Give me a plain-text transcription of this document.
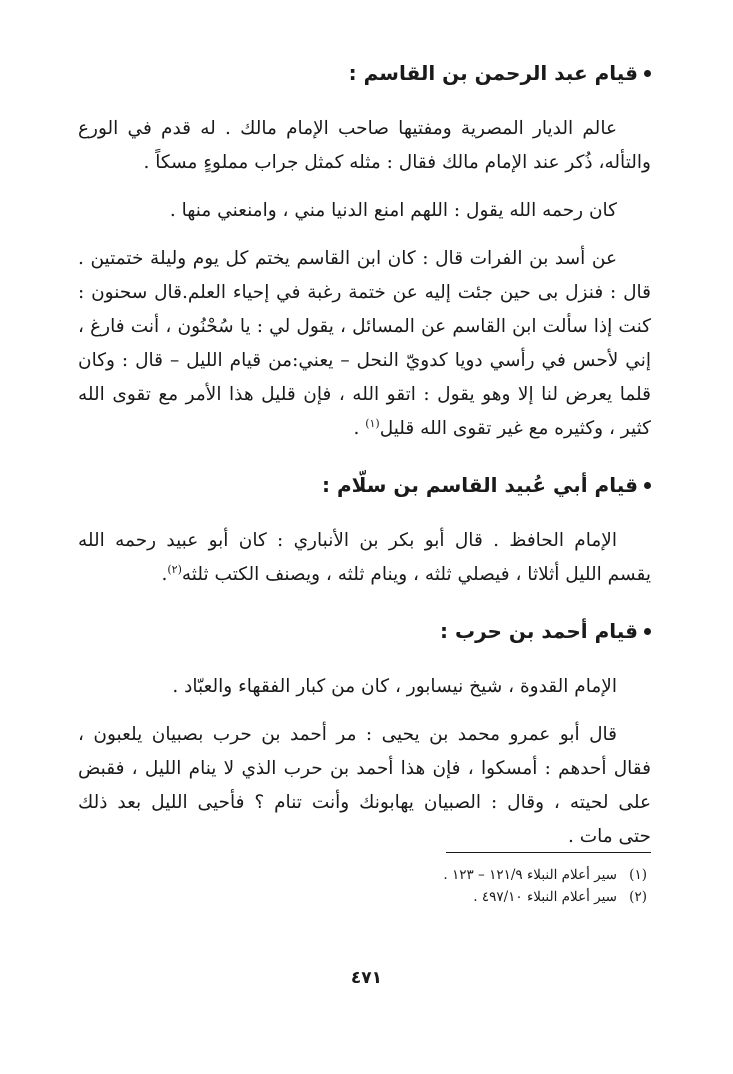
قيام عبد الرحمن بن القاسم :

عالم الديار المصرية ومفتيها صاحب الإمام مالك . له قدم في الورع
والتأله، ذُكر عند الإمام مالك فقال : مثله كمثل جراب مملوءٍ مسكاً .

كان رحمه الله يقول : اللهم امنع الدنيا مني ، وامنعني منها .

عن أسد بن الفرات قال : كان ابن القاسم يختم كل يوم وليلة ختمتين .
قال : فنزل بى حين جئت إليه عن ختمة رغبة في إحياء العلم.قال سحنون :
كنت إذا سألت ابن القاسم عن المسائل ، يقول لي : يا سُحْنُون ، أنت فارغ ،
إني لأحس في رأسي دويا كدويّ النحل – يعني:من قيام الليل – قال : وكان
قلما يعرض لنا إلا وهو يقول : اتقو الله ، فإن قليل هذا الأمر مع تقوى الله
كثير ، وكثيره مع غير تقوى الله قليل$^{(١)}$ .

قيام أبي عُبيد القاسم بن سلّام :

الإمام الحافظ . قال أبو بكر بن الأنباري : كان أبو عبيد رحمه الله
يقسم الليل أثلاثا ، فيصلي ثلثه ، وينام ثلثه ، ويصنف الكتب ثلثه$^{(٢)}$.

قيام أحمد بن حرب :

الإمام القدوة ، شيخ نيسابور ، كان من كبار الفقهاء والعبّاد .

قال أبو عمرو محمد بن يحيى : مر أحمد بن حرب بصبيان يلعبون ،
فقال أحدهم : أمسكوا ، فإن هذا أحمد بن حرب الذي لا ينام الليل ، فقبض
على لحيته ، وقال : الصبيان يهابونك وأنت تنام ؟ فأحيى الليل بعد ذلك
حتى مات .

(١)سير أعلام النبلاء ١٢١/٩ – ١٢٣ .
(٢)سير أعلام النبلاء ٤٩٧/١٠ .
٤٧١
